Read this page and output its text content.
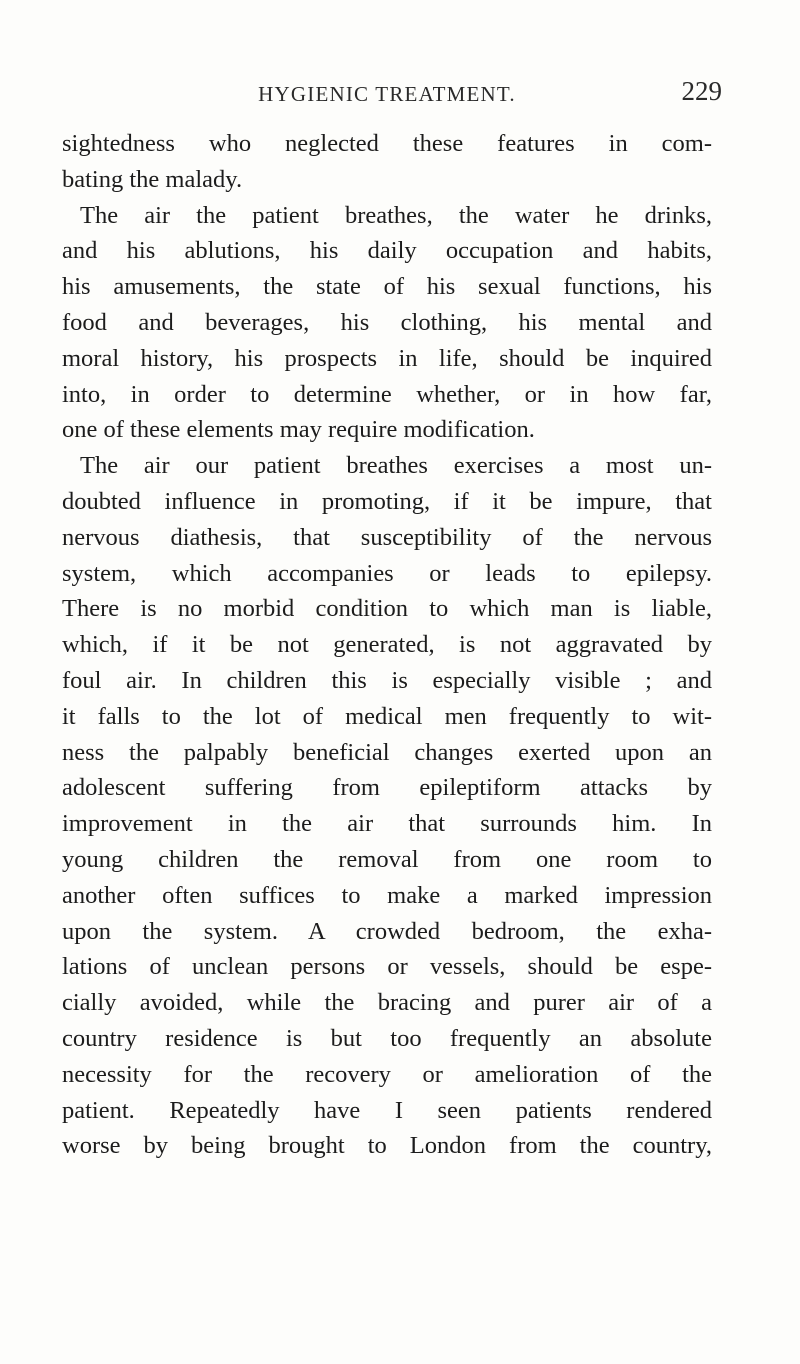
HYGIENIC TREATMENT.	229
sightedness who neglected these features in com-
bating the malady.
The air the patient breathes, the water he drinks,
and his ablutions, his daily occupation and habits,
his amusements, the state of his sexual functions, his
food and beverages, his clothing, his mental and
moral history, his prospects in life, should be inquired
into, in order to determine whether, or in how far,
one of these elements may require modification.
The air our patient breathes exercises a most un-
doubted influence in promoting, if it be impure, that
nervous diathesis, that susceptibility of the nervous
system, which accompanies or leads to epilepsy.
There is no morbid condition to which man is liable,
which, if it be not generated, is not aggravated by
foul air. In children this is especially visible ; and
it falls to the lot of medical men frequently to wit-
ness the palpably beneficial changes exerted upon an
adolescent suffering from epileptiform attacks by
improvement in the air that surrounds him. In
young children the removal from one room to
another often suffices to make a marked impression
upon the system. A crowded bedroom, the exha-
lations of unclean persons or vessels, should be espe-
cially avoided, while the bracing and purer air of a
country residence is but too frequently an absolute
necessity for the recovery or amelioration of the
patient. Repeatedly have I seen patients rendered
worse by being brought to London from the country,
